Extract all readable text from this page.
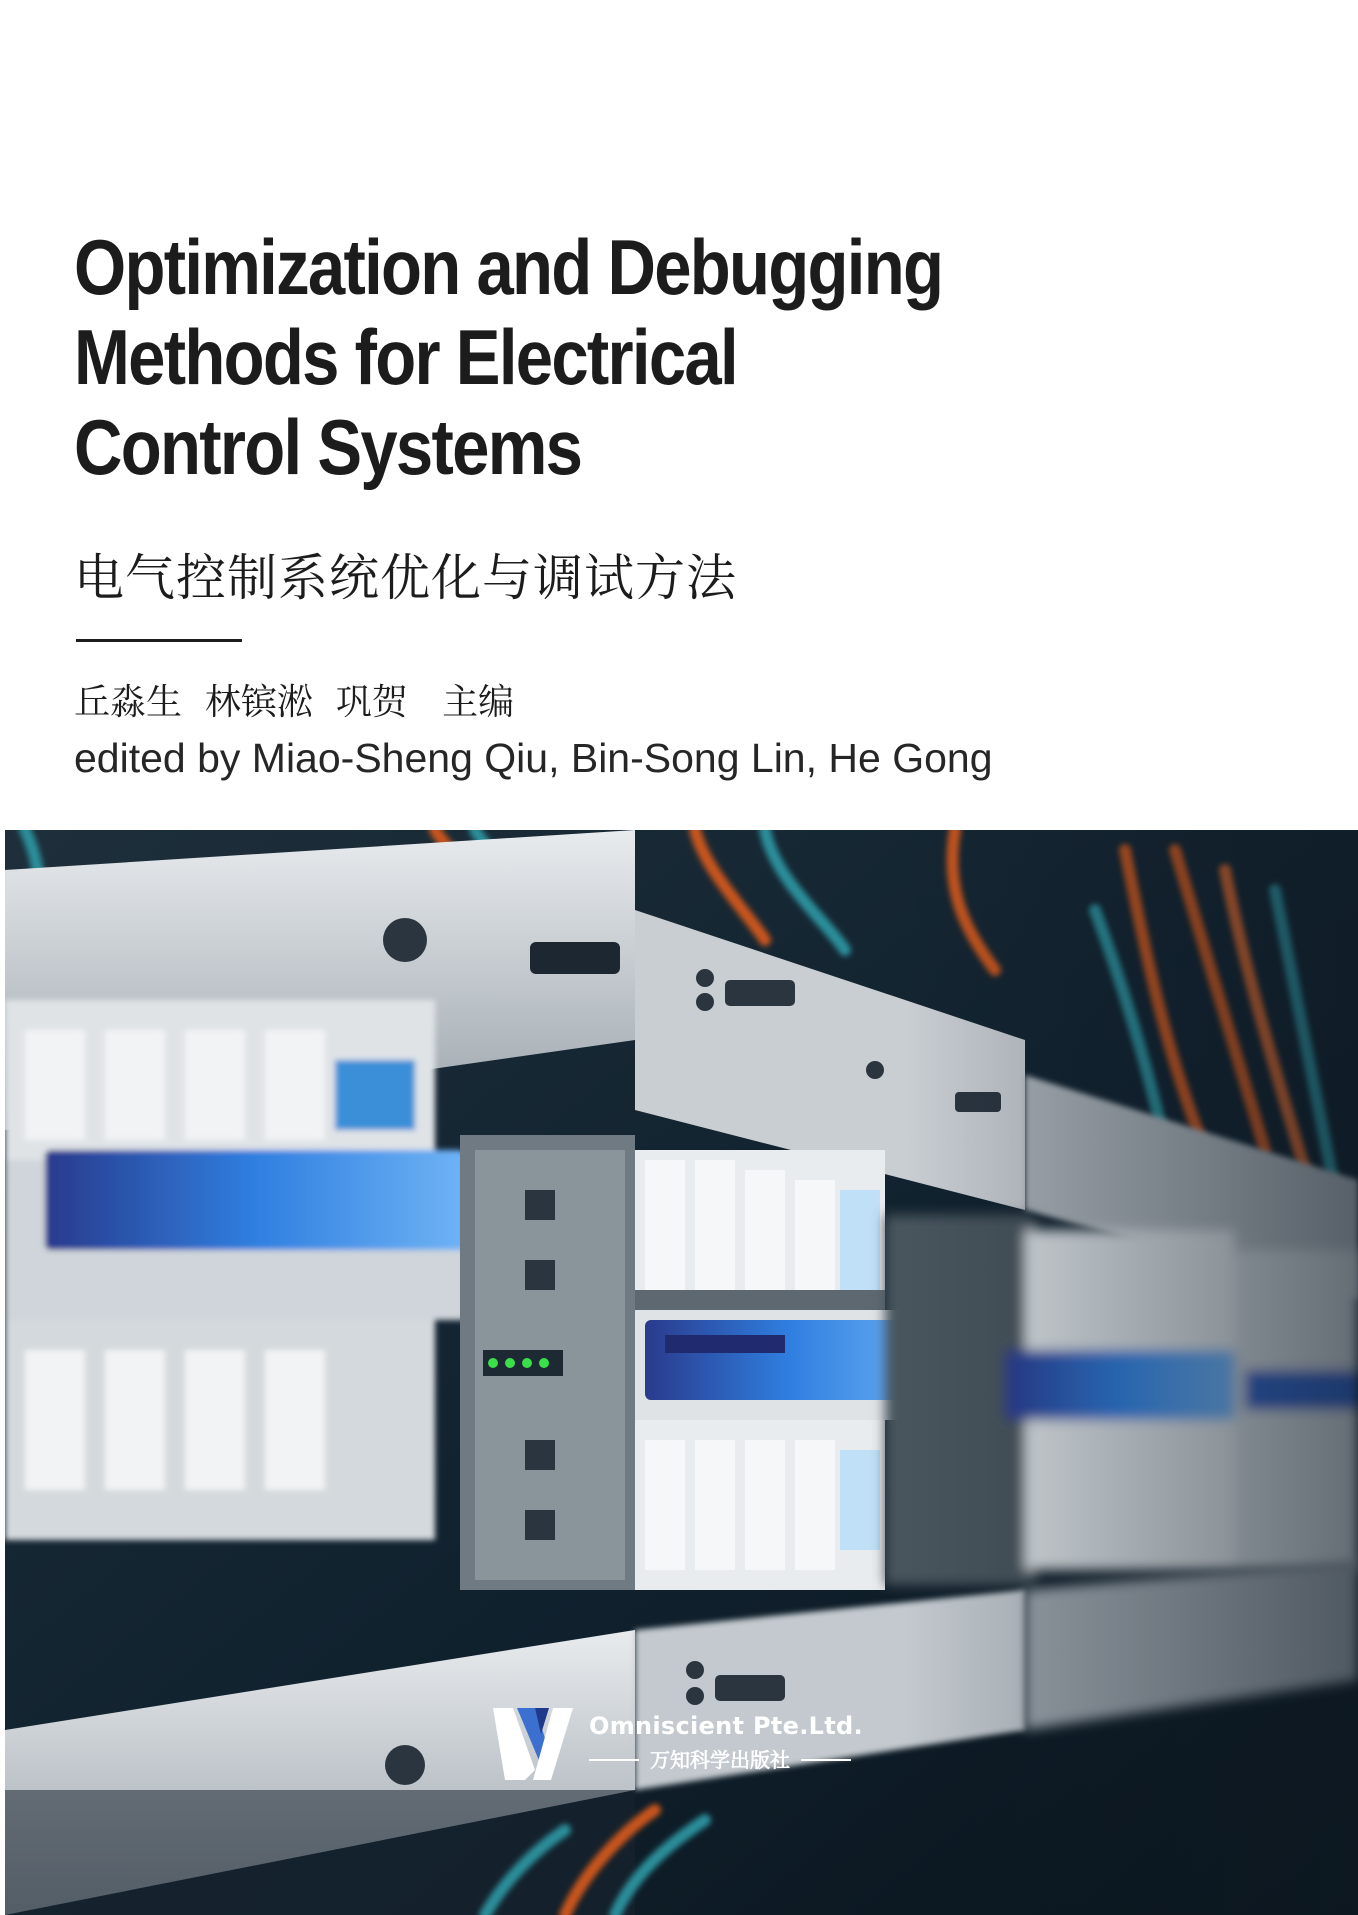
Optimization and Debugging
Methods for Electrical
Control Systems
电气控制系统优化与调试方法
丘淼生  林镔淞  巩贺   主编
edited by Miao-Sheng Qiu, Bin-Song Lin, He Gong
Omniscient Pte.Ltd.
万知科学出版社
